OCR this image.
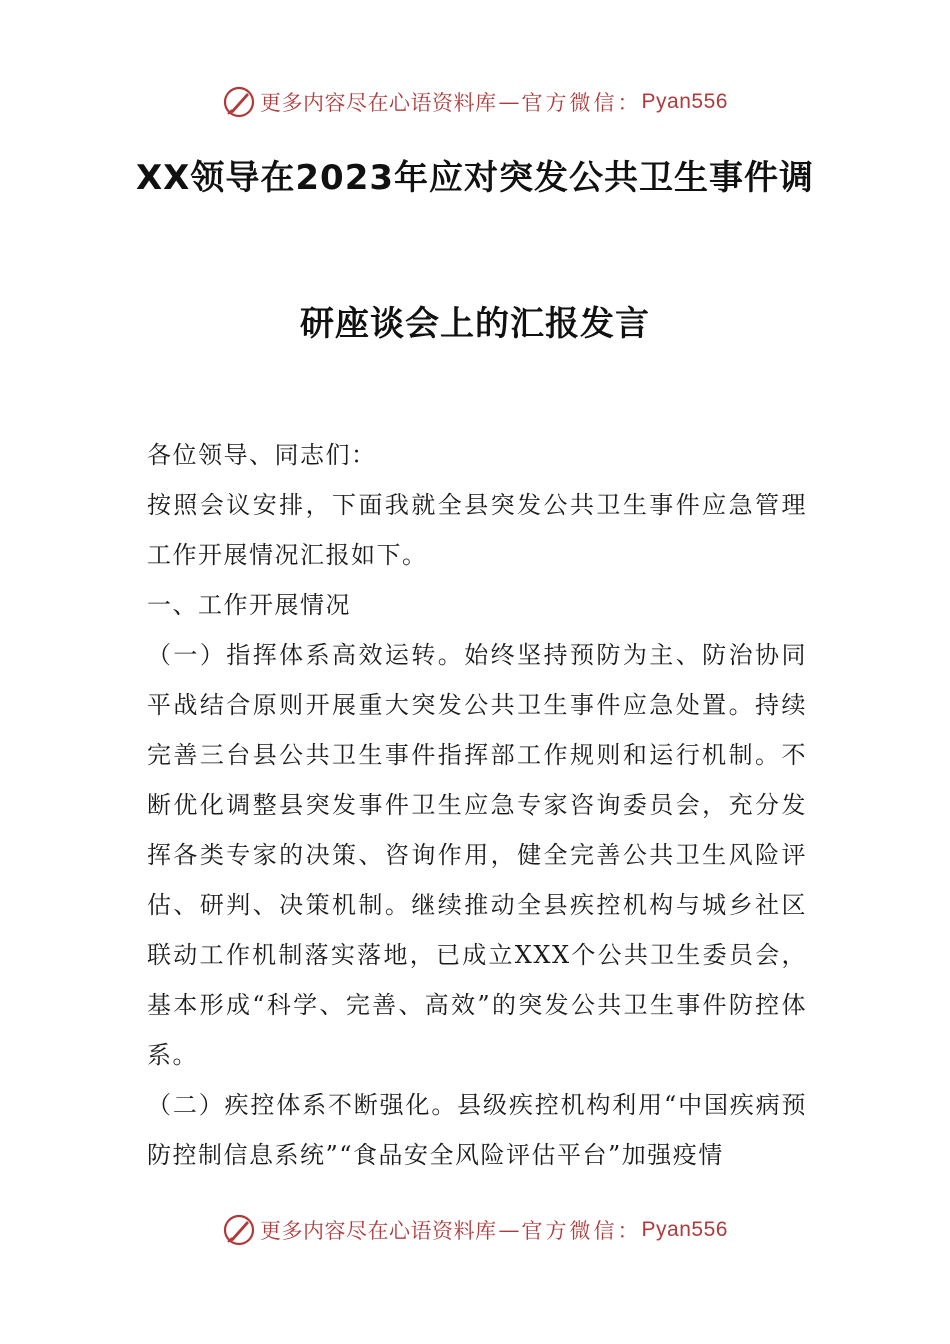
更多内容尽在心语资料库 — 官方微信： Pyan556
XX领导在2023年应对突发公共卫生事件调
研座谈会上的汇报发言

各位领导、同志们：

按照会议安排，下面我就全县突发公共卫生事件应急管理工作开展情况汇报如下。

一、工作开展情况

（一）指挥体系高效运转。始终坚持预防为主、防治协同平战结合原则开展重大突发公共卫生事件应急处置。持续完善三台县公共卫生事件指挥部工作规则和运行机制。不断优化调整县突发事件卫生应急专家咨询委员会，充分发挥各类专家的决策、咨询作用，健全完善公共卫生风险评估、研判、决策机制。继续推动全县疾控机构与城乡社区联动工作机制落实落地，已成立XXX个公共卫生委员会，基本形成“科学、完善、高效”的突发公共卫生事件防控体系。

（二）疾控体系不断强化。县级疾控机构利用“中国疾病预防控制信息系统”“食品安全风险评估平台”加强疫情

更多内容尽在心语资料库 — 官方微信： Pyan556
